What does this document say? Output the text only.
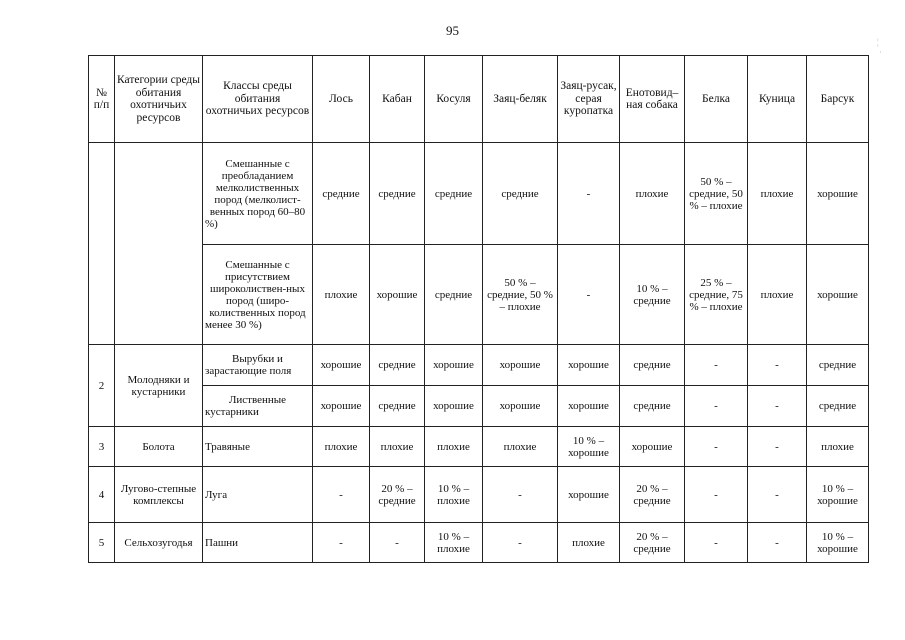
95
№ п/п	Категории среды обитания охотничьих ресурсов	Классы среды обитания охотничьих ресурсов	Лось	Кабан	Косуля	Заяц-беляк	Заяц-русак, серая куропатка	Енотовид–ная собака	Белка	Куница	Барсук
		Смешанные с преобладанием мелколиственных пород (мелколист-венных пород 60–80 %)	средние	средние	средние	средние	-	плохие	50 % – средние, 50 % – плохие	плохие	хорошие
		Смешанные с присутствием широколиствен-ных пород (широ-колиственных пород менее 30 %)	плохие	хорошие	средние	50 % – средние, 50 % – плохие	-	10 % – средние	25 % – средние, 75 % – плохие	плохие	хорошие
2	Молодняки и кустарники	Вырубки и зарастающие поля	хорошие	средние	хорошие	хорошие	хорошие	средние	-	-	средние
		Лиственные кустарники	хорошие	средние	хорошие	хорошие	хорошие	средние	-	-	средние
3	Болота	Травяные	плохие	плохие	плохие	плохие	10 % – хорошие	хорошие	-	-	плохие
4	Лугово-степные комплексы	Луга	-	20 % – средние	10 % – плохие	-	хорошие	20 % – средние	-	-	10 % – хорошие
5	Сельхозугодья	Пашни	-	-	10 % – плохие	-	плохие	20 % – средние	-	-	10 % – хорошие
¦
·
